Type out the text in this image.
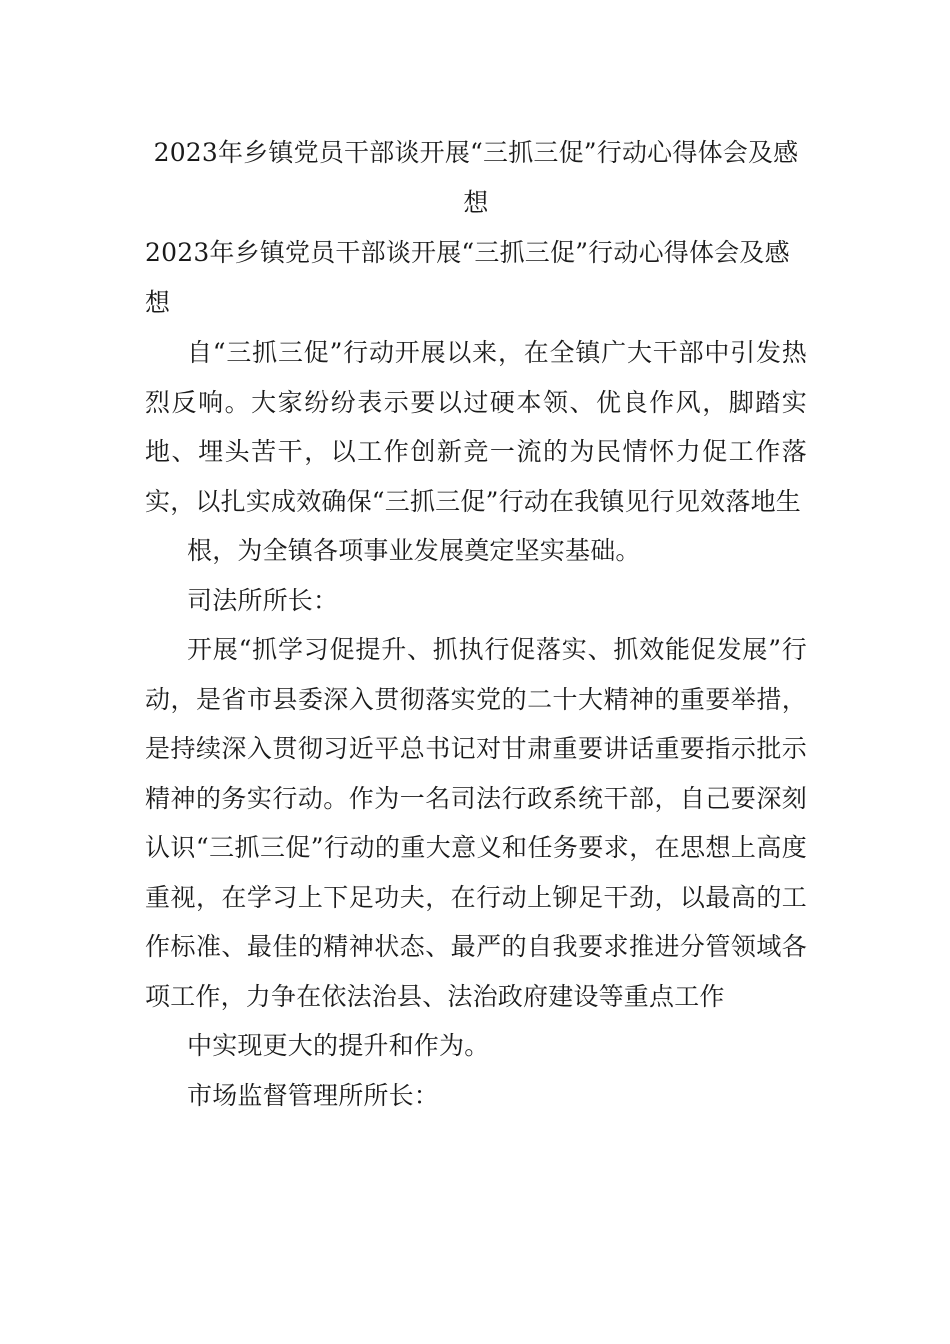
2023年乡镇党员干部谈开展“三抓三促”行动心得体会及感想

2023年乡镇党员干部谈开展“三抓三促”行动心得体会及感想

自“三抓三促”行动开展以来，在全镇广大干部中引发热烈反响。大家纷纷表示要以过硬本领、优良作风，脚踏实地、埋头苦干，以工作创新竞一流的为民情怀力促工作落实，以扎实成效确保“三抓三促”行动在我镇见行见效落地生

根，为全镇各项事业发展奠定坚实基础。

司法所所长：

开展“抓学习促提升、抓执行促落实、抓效能促发展”行动，是省市县委深入贯彻落实党的二十大精神的重要举措，是持续深入贯彻习近平总书记对甘肃重要讲话重要指示批示精神的务实行动。作为一名司法行政系统干部，自己要深刻认识“三抓三促”行动的重大意义和任务要求，在思想上高度重视，在学习上下足功夫，在行动上铆足干劲，以最高的工作标准、最佳的精神状态、最严的自我要求推进分管领域各项工作，力争在依法治县、法治政府建设等重点工作

中实现更大的提升和作为。

市场监督管理所所长：
